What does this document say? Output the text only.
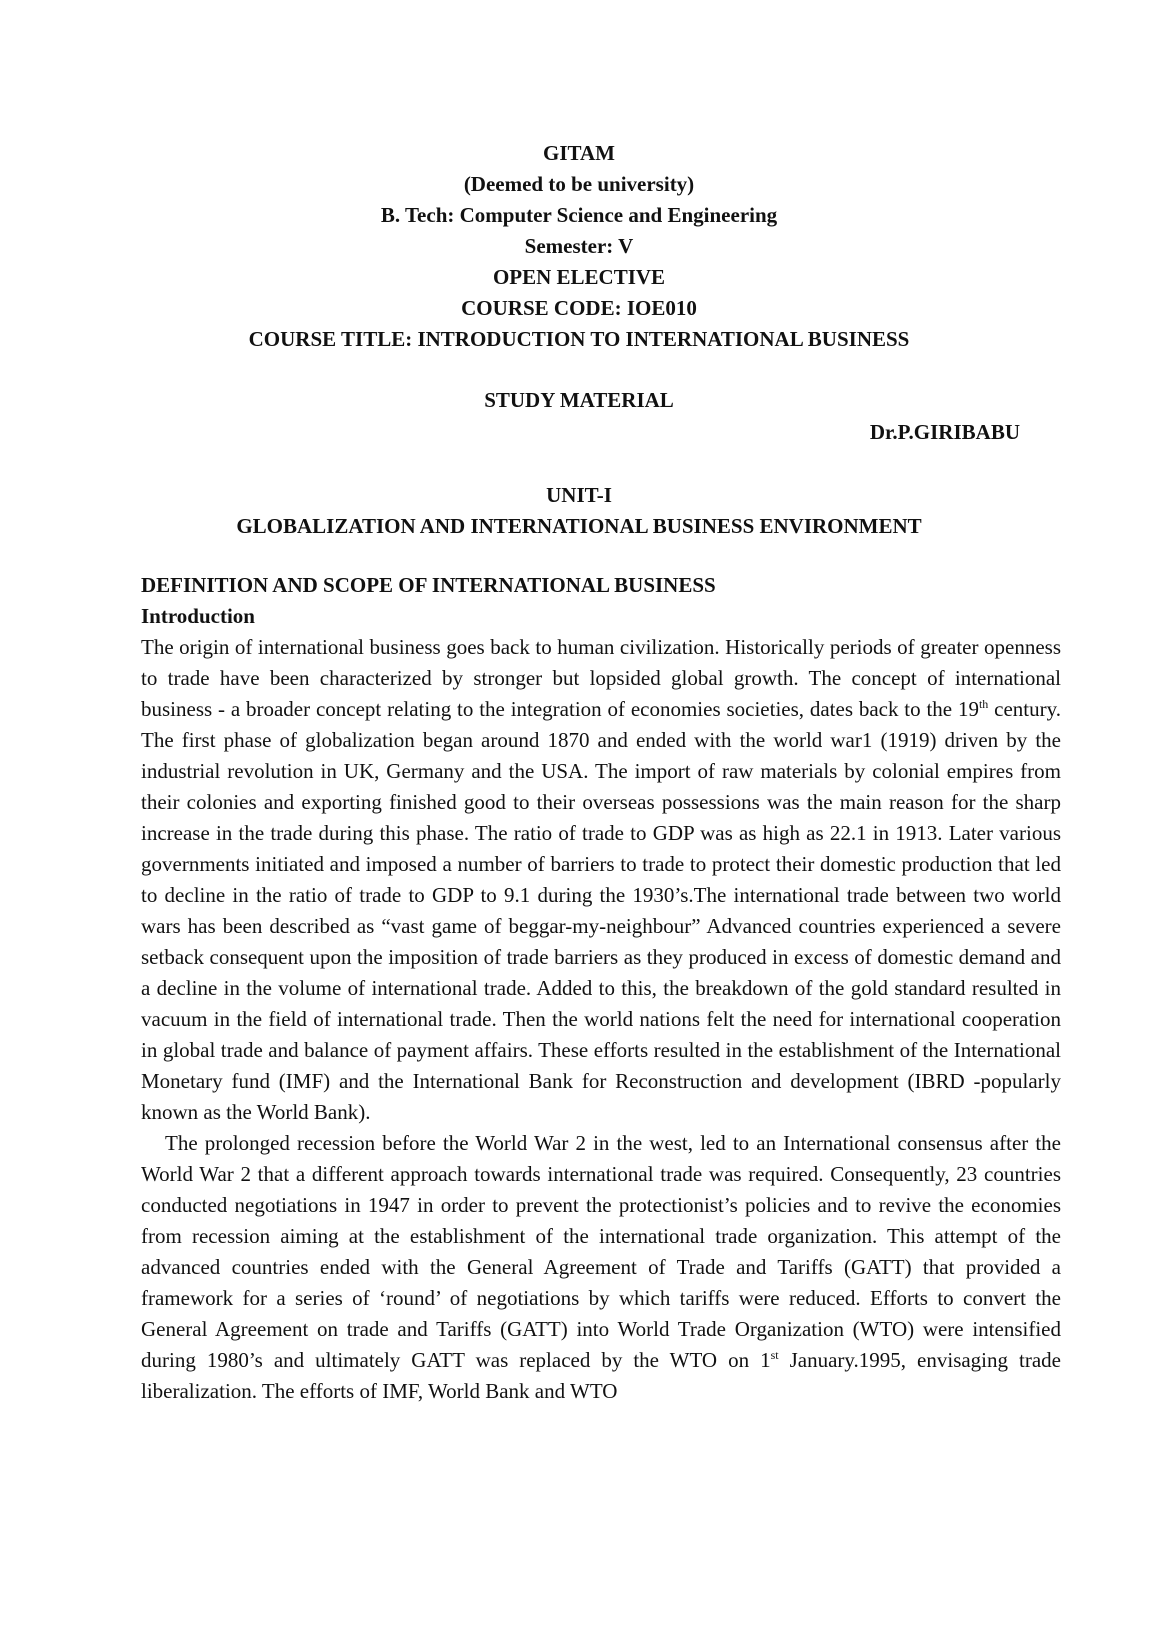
GITAM
(Deemed to be university)
B. Tech: Computer Science and Engineering
Semester: V
OPEN ELECTIVE
COURSE CODE: IOE010
COURSE TITLE: INTRODUCTION TO INTERNATIONAL BUSINESS
STUDY MATERIAL
Dr.P.GIRIBABU
UNIT-I
GLOBALIZATION AND INTERNATIONAL BUSINESS ENVIRONMENT
DEFINITION AND SCOPE OF INTERNATIONAL BUSINESS
Introduction

The origin of international business goes back to human civilization. Historically periods of greater openness to trade have been characterized by stronger but lopsided global growth. The concept of international business - a broader concept relating to the integration of economies societies, dates back to the 19th century. The first phase of globalization began around 1870 and ended with the world war1 (1919) driven by the industrial revolution in UK, Germany and the USA. The import of raw materials by colonial empires from their colonies and exporting finished good to their overseas possessions was the main reason for the sharp increase in the trade during this phase. The ratio of trade to GDP was as high as 22.1 in 1913. Later various governments initiated and imposed a number of barriers to trade to protect their domestic production that led to decline in the ratio of trade to GDP to 9.1 during the 1930’s.The international trade between two world wars has been described as “vast game of beggar-my-neighbour” Advanced countries experienced a severe setback consequent upon the imposition of trade barriers as they produced in excess of domestic demand and a decline in the volume of international trade. Added to this, the breakdown of the gold standard resulted in vacuum in the field of international trade. Then the world nations felt the need for international cooperation in global trade and balance of payment affairs. These efforts resulted in the establishment of the International Monetary fund (IMF) and the International Bank for Reconstruction and development (IBRD -popularly known as the World Bank).

The prolonged recession before the World War 2 in the west, led to an International consensus after the World War 2 that a different approach towards international trade was required. Consequently, 23 countries conducted negotiations in 1947 in order to prevent the protectionist’s policies and to revive the economies from recession aiming at the establishment of the international trade organization. This attempt of the advanced countries ended with the General Agreement of Trade and Tariffs (GATT) that provided a framework for a series of ‘round’ of negotiations by which tariffs were reduced. Efforts to convert the General Agreement on trade and Tariffs (GATT) into World Trade Organization (WTO) were intensified during 1980’s and ultimately GATT was replaced by the WTO on 1st January.1995, envisaging trade liberalization. The efforts of IMF, World Bank and WTO
